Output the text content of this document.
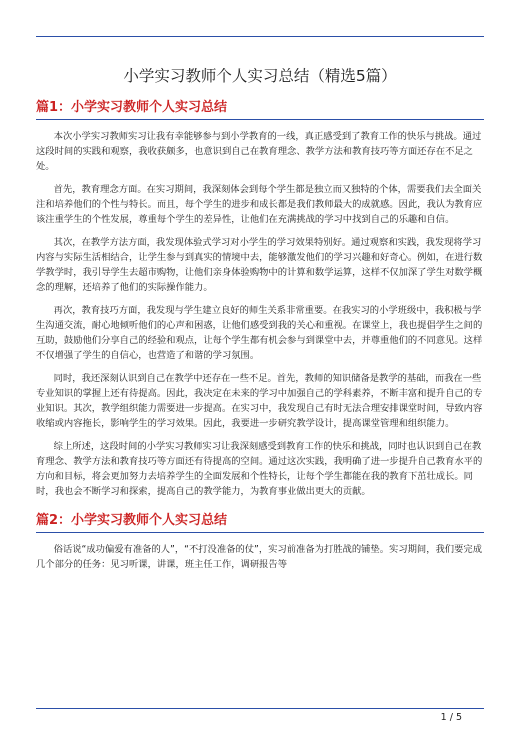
小学实习教师个人实习总结（精选5篇）
篇1：小学实习教师个人实习总结

本次小学实习教师实习让我有幸能够参与到小学教育的一线，真正感受到了教育工作的快乐与挑战。通过这段时间的实践和观察，我收获颇多，也意识到自己在教育理念、教学方法和教育技巧等方面还存在不足之处。

首先，教育理念方面。在实习期间，我深刻体会到每个学生都是独立而又独特的个体，需要我们去全面关注和培养他们的个性与特长。而且，每个学生的进步和成长都是我们教师最大的成就感。因此，我认为教育应该注重学生的个性发展，尊重每个学生的差异性，让他们在充满挑战的学习中找到自己的乐趣和自信。

其次，在教学方法方面，我发现体验式学习对小学生的学习效果特别好。通过观察和实践，我发现将学习内容与实际生活相结合，让学生参与到真实的情境中去，能够激发他们的学习兴趣和好奇心。例如，在进行数学教学时，我引导学生去超市购物，让他们亲身体验购物中的计算和数学运算，这样不仅加深了学生对数学概念的理解，还培养了他们的实际操作能力。

再次，教育技巧方面，我发现与学生建立良好的师生关系非常重要。在我实习的小学班级中，我积极与学生沟通交流，耐心地倾听他们的心声和困惑，让他们感受到我的关心和重视。在课堂上，我也提倡学生之间的互助，鼓励他们分享自己的经验和观点，让每个学生都有机会参与到课堂中去，并尊重他们的不同意见。这样不仅增强了学生的自信心，也营造了和谐的学习氛围。

同时，我还深刻认识到自己在教学中还存在一些不足。首先，教师的知识储备是教学的基础，而我在一些专业知识的掌握上还有待提高。因此，我决定在未来的学习中加强自己的学科素养，不断丰富和提升自己的专业知识。其次，教学组织能力需要进一步提高。在实习中，我发现自己有时无法合理安排课堂时间，导致内容收缩或内容拖长，影响学生的学习效果。因此，我要进一步研究教学设计，提高课堂管理和组织能力。

综上所述，这段时间的小学实习教师实习让我深刻感受到教育工作的快乐和挑战，同时也认识到自己在教育理念、教学方法和教育技巧等方面还有待提高的空间。通过这次实践，我明确了进一步提升自己教育水平的方向和目标，将会更加努力去培养学生的全面发展和个性特长，让每个学生都能在我的教育下茁壮成长。同时，我也会不断学习和探索，提高自己的教学能力，为教育事业做出更大的贡献。

篇2：小学实习教师个人实习总结

俗话说“成功偏爱有准备的人”，“不打没准备的仗”，实习前准备为打胜战的铺垫。实习期间，我们要完成几个部分的任务：见习听课，讲课，班主任工作，调研报告等

1 / 5
